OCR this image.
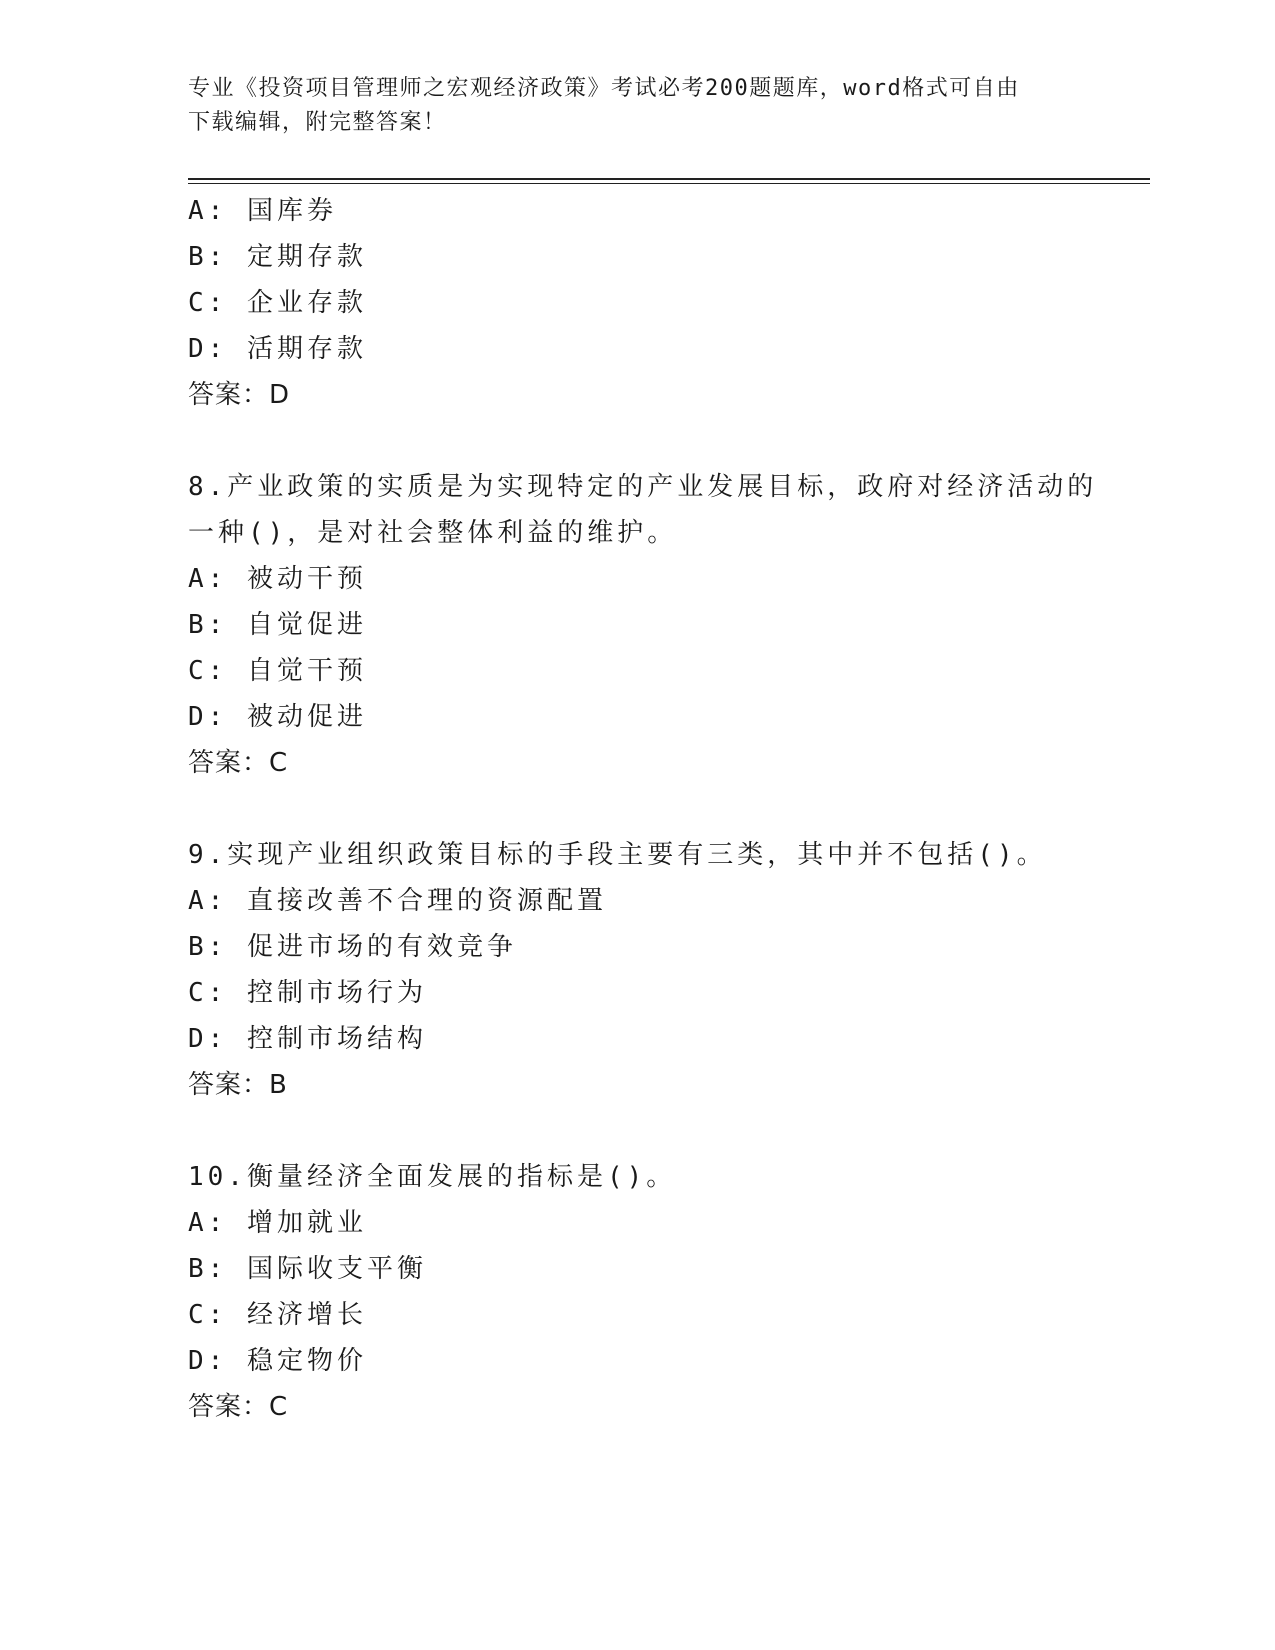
专业《投资项目管理师之宏观经济政策》考试必考200题题库，word格式可自由
下载编辑，附完整答案！
A: 国库券
B: 定期存款
C: 企业存款
D: 活期存款
答案：D
8.产业政策的实质是为实现特定的产业发展目标，政府对经济活动的
一种()，是对社会整体利益的维护。
A: 被动干预
B: 自觉促进
C: 自觉干预
D: 被动促进
答案：C
9.实现产业组织政策目标的手段主要有三类，其中并不包括()。
A: 直接改善不合理的资源配置
B: 促进市场的有效竞争
C: 控制市场行为
D: 控制市场结构
答案：B
10.衡量经济全面发展的指标是()。
A: 增加就业
B: 国际收支平衡
C: 经济增长
D: 稳定物价
答案：C
